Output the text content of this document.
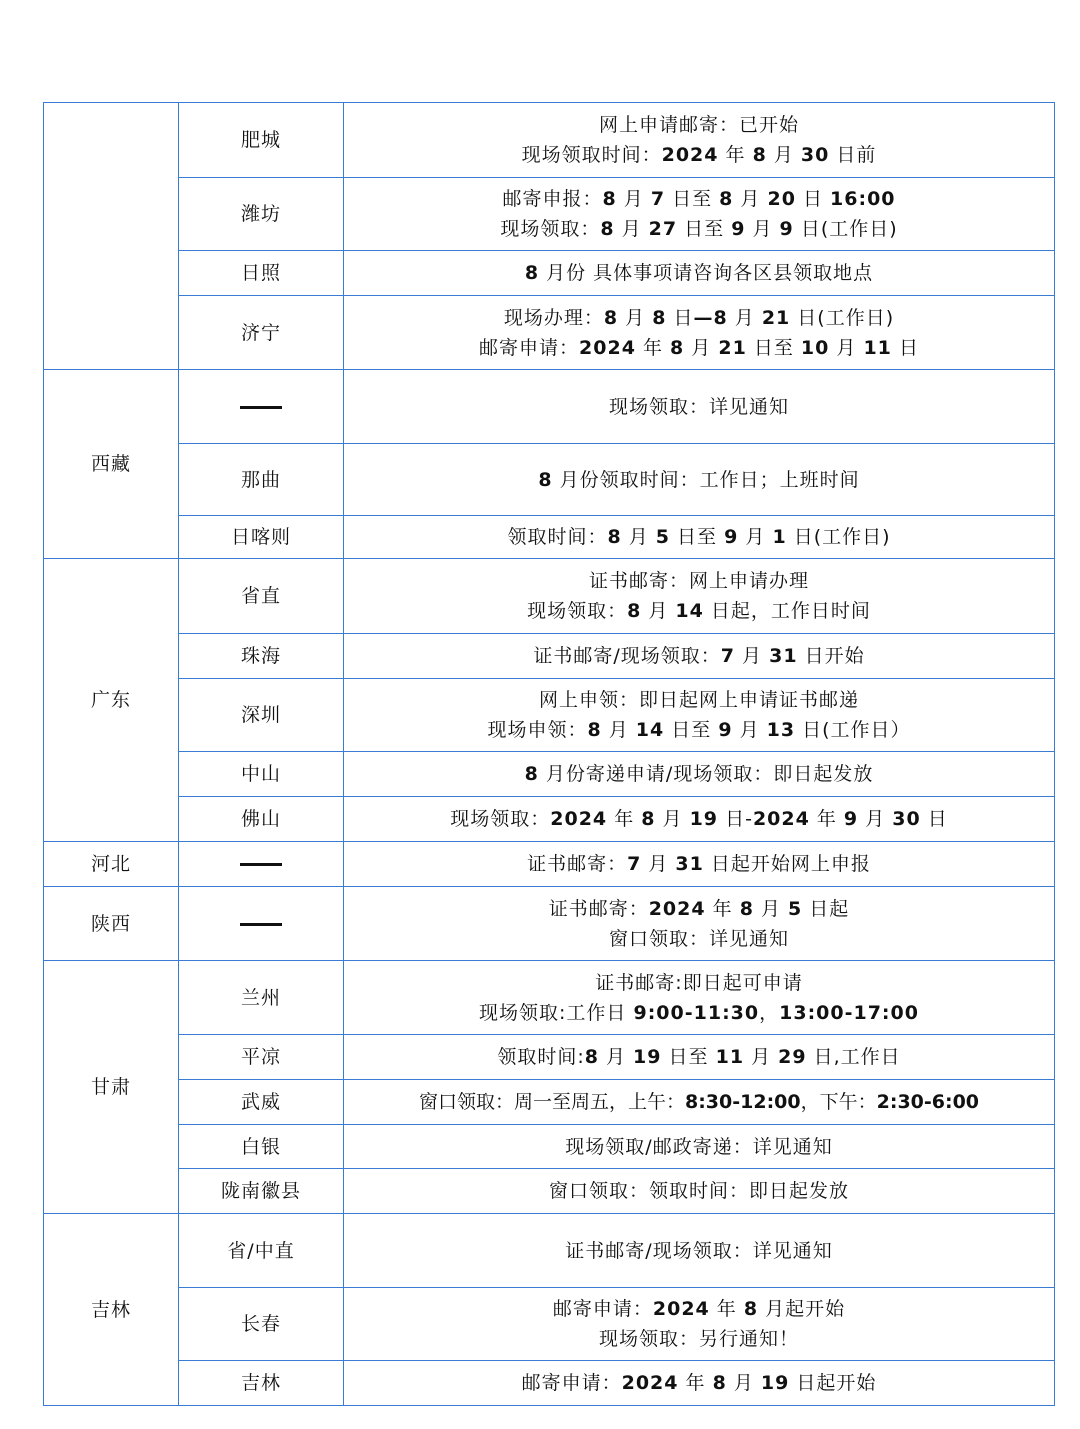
	肥城	网上申请邮寄：已开始
现场领取时间：2024 年 8 月 30 日前

	潍坊	邮寄申报：8 月 7 日至 8 月 20 日 16:00
现场领取：8 月 27 日至 9 月 9 日(工作日)

	日照	8 月份 具体事项请咨询各区县领取地点

	济宁	现场办理：8 月 8 日—8 月 21 日(工作日)
邮寄申请：2024 年 8 月 21 日至 10 月 11 日

西藏		现场领取：详见通知

	那曲	8 月份领取时间：工作日；上班时间

	日喀则	领取时间：8 月 5 日至 9 月 1 日(工作日)

广东	省直	证书邮寄：网上申请办理
现场领取：8 月 14 日起，工作日时间

	珠海	证书邮寄/现场领取：7 月 31 日开始

	深圳	网上申领：即日起网上申请证书邮递
现场申领：8 月 14 日至 9 月 13 日(工作日）

	中山	8 月份寄递申请/现场领取：即日起发放

	佛山	现场领取：2024 年 8 月 19 日-2024 年 9 月 30 日

河北		证书邮寄：7 月 31 日起开始网上申报

陕西		证书邮寄：2024 年 8 月 5 日起
窗口领取：详见通知

甘肃	兰州	证书邮寄:即日起可申请
现场领取:工作日 9:00-11:30，13:00-17:00

	平凉	领取时间:8 月 19 日至 11 月 29 日,工作日

	武威	窗口领取：周一至周五，上午：8:30-12:00，下午：2:30-6:00

	白银	现场领取/邮政寄递：详见通知

	陇南徽县	窗口领取：领取时间：即日起发放

吉林	省/中直	证书邮寄/现场领取：详见通知

	长春	邮寄申请：2024 年 8 月起开始
现场领取：另行通知！

	吉林	邮寄申请：2024 年 8 月 19 日起开始
